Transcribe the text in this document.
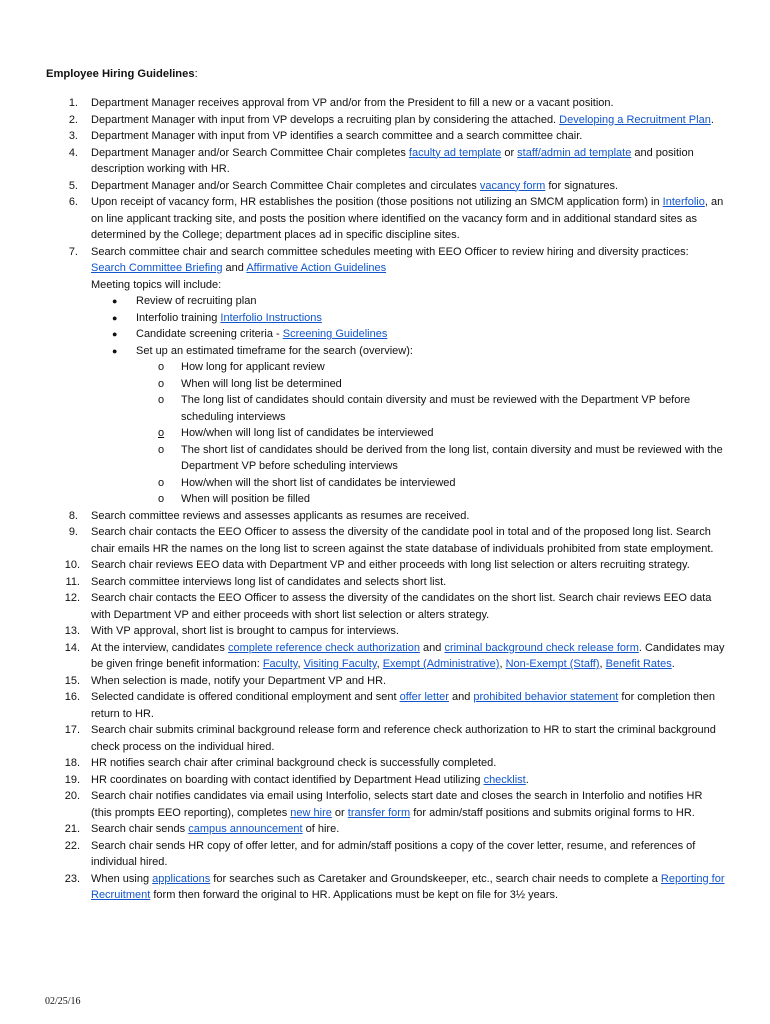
Employee Hiring Guidelines:
1. Department Manager receives approval from VP and/or from the President to fill a new or a vacant position.
2. Department Manager with input from VP develops a recruiting plan by considering the attached. Developing a Recruitment Plan.
3. Department Manager with input from VP identifies a search committee and a search committee chair.
4. Department Manager and/or Search Committee Chair completes faculty ad template or staff/admin ad template and position description working with HR.
5. Department Manager and/or Search Committee Chair completes and circulates vacancy form for signatures.
6. Upon receipt of vacancy form, HR establishes the position (those positions not utilizing an SMCM application form) in Interfolio, an on line applicant tracking site, and posts the position where identified on the vacancy form and in additional standard sites as determined by the College; department places ad in specific discipline sites.
7. Search committee chair and search committee schedules meeting with EEO Officer to review hiring and diversity practices: Search Committee Briefing and Affirmative Action Guidelines
Meeting topics will include:
● Review of recruiting plan
● Interfolio training Interfolio Instructions
● Candidate screening criteria - Screening Guidelines
● Set up an estimated timeframe for the search (overview):
o How long for applicant review
o When will long list be determined
o The long list of candidates should contain diversity and must be reviewed with the Department VP before scheduling interviews
o How/when will long list of candidates be interviewed
o The short list of candidates should be derived from the long list, contain diversity and must be reviewed with the Department VP before scheduling interviews
o How/when will the short list of candidates be interviewed
o When will position be filled
8. Search committee reviews and assesses applicants as resumes are received.
9. Search chair contacts the EEO Officer to assess the diversity of the candidate pool in total and of the proposed long list. Search chair emails HR the names on the long list to screen against the state database of individuals prohibited from state employment.
10. Search chair reviews EEO data with Department VP and either proceeds with long list selection or alters recruiting strategy.
11. Search committee interviews long list of candidates and selects short list.
12. Search chair contacts the EEO Officer to assess the diversity of the candidates on the short list. Search chair reviews EEO data with Department VP and either proceeds with short list selection or alters strategy.
13. With VP approval, short list is brought to campus for interviews.
14. At the interview, candidates complete reference check authorization and criminal background check release form. Candidates may be given fringe benefit information: Faculty, Visiting Faculty, Exempt (Administrative), Non-Exempt (Staff), Benefit Rates.
15. When selection is made, notify your Department VP and HR.
16. Selected candidate is offered conditional employment and sent offer letter and prohibited behavior statement for completion then return to HR.
17. Search chair submits criminal background release form and reference check authorization to HR to start the criminal background check process on the individual hired.
18. HR notifies search chair after criminal background check is successfully completed.
19. HR coordinates on boarding with contact identified by Department Head utilizing checklist.
20. Search chair notifies candidates via email using Interfolio, selects start date and closes the search in Interfolio and notifies HR (this prompts EEO reporting), completes new hire or transfer form for admin/staff positions and submits original forms to HR.
21. Search chair sends campus announcement of hire.
22. Search chair sends HR copy of offer letter, and for admin/staff positions a copy of the cover letter, resume, and references of individual hired.
23. When using applications for searches such as Caretaker and Groundskeeper, etc., search chair needs to complete a Reporting for Recruitment form then forward the original to HR. Applications must be kept on file for 3½ years.
02/25/16
